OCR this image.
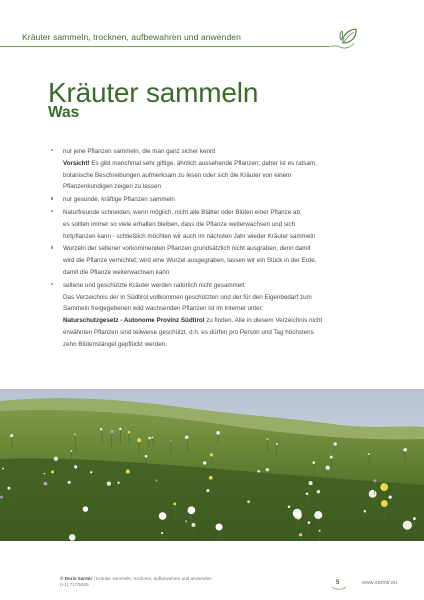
Kräuter sammeln, trocknen, aufbewahren und anwenden
Kräuter sammeln
Was
nur jene Pflanzen sammeln, die man ganz sicher kennt
Vorsicht! Es gibt manchmal sehr giftige, ähnlich aussehende Pflanzen; daher ist es ratsam,
botanische Beschreibungen aufmerksam zu lesen oder sich die Kräuter von einem
Pflanzenkundigen zeigen zu lassen
nur gesunde, kräftige Pflanzen sammeln
Naturfreunde schneiden, wenn möglich, nicht alle Blätter oder Blüten einer Pflanze ab;
es sollten immer so viele erhalten bleiben, dass die Pflanze weiterwachsen und sich
fortpflanzen kann - schließlich möchten wir auch im nächsten Jahr wieder Kräuter sammeln
Wurzeln der seltener vorkommenden Pflanzen grundsätzlich nicht ausgraben, denn damit
wird die Pflanze vernichtet; wird eine Wurzel ausgegraben, lassen wir ein Stück in der Erde,
damit die Pflanze weiterwachsen kann
seltene und geschützte Kräuter werden natürlich nicht gesammelt
Das Verzeichnis der in Südtirol vollkommen geschützten und der für den Eigenbedarf zum
Sammeln freigegebenen wild wachsenden Pflanzen ist im Internet unter:
Naturschutzgesetz - Autonome Provinz Südtirol zu finden. Alle in diesem Verzeichnis nicht
erwähnten Pflanzen sind teilweise geschützt, d.h. es dürfen pro Person und Tag höchstens
zehn Blütenstängel gepflückt werden.
© Doris Sarmir | Kräuter sammeln, trocknen, aufbewahren und anwenden
(+1) 717/5625	5	www.sarmir.eu
